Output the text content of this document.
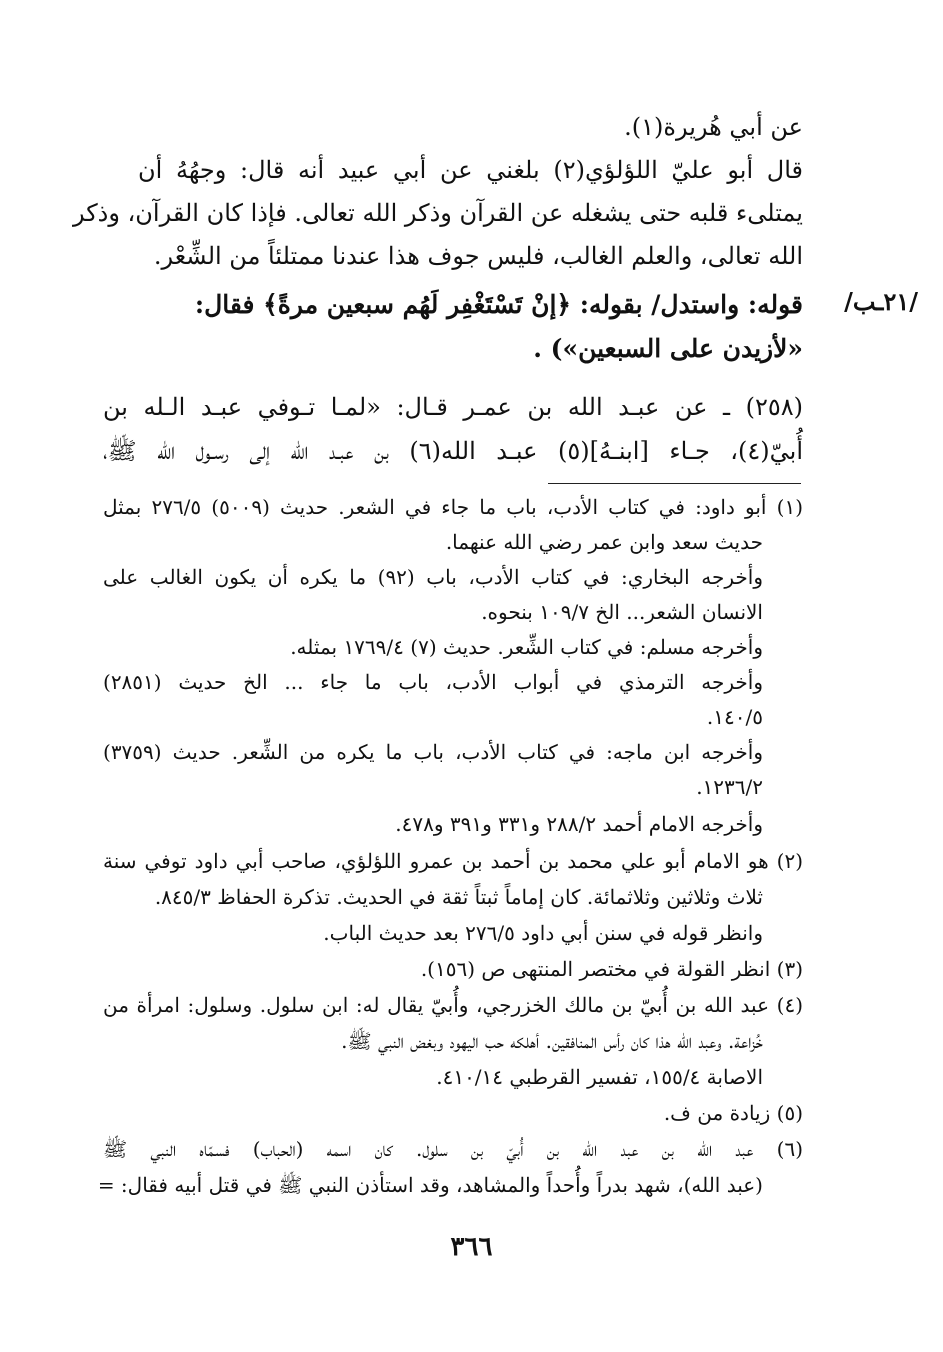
عن أبي هُريرة(١).
قال أبو عليّ اللؤلؤي(٢) بلغني عن أبي عبيد أنه قال: وجهُهُ أن
يمتلىء قلبه حتى يشغله عن القرآن وذكر الله تعالى. فإذا كان القرآن، وذكر
الله تعالى، والعلم الغالب، فليس جوف هذا عندنا ممتلئاً من الشِّعْر.
/٢١ـب/
قوله: واستدل/ بقوله: ﴿إنْ تَسْتَغْفِر لَهُم سبعين مرةً﴾ فقال:
«لأزيدن على السبعين») .
(٢٥٨) ـ عن عبـد الله بن عمـر قـال: «لمـا تـوفي عبـد الـله بن
أُبيّ(٤)، جـاء [ابنـهُ](٥) عبـد الله(٦) بن عبـد الله إلى رسـول الله ﷺ،
(١) أبو داود: في كتاب الأدب، باب ما جاء في الشعر. حديث (٥٠٠٩) ٢٧٦/٥ بمثل
حديث سعد وابن عمر رضي الله عنهما.
وأخرجه البخاري: في كتاب الأدب، باب (٩٢) ما يكره أن يكون الغالب على
الانسان الشعر... الخ ١٠٩/٧ بنحوه.
وأخرجه مسلم: في كتاب الشِّعر. حديث (٧) ١٧٦٩/٤ بمثله.
وأخرجه الترمذي في أبواب الأدب، باب ما جاء ... الخ حديث (٢٨٥١)
١٤٠/٥.
وأخرجه ابن ماجه: في كتاب الأدب، باب ما يكره من الشِّعر. حديث (٣٧٥٩)
١٢٣٦/٢.
وأخرجه الامام أحمد ٢٨٨/٢ و٣٣١ و٣٩١ و٤٧٨.
(٢) هو الامام أبو علي محمد بن أحمد بن عمرو اللؤلؤي، صاحب أبي داود توفي سنة
ثلاث وثلاثين وثلاثمائة. كان إماماً ثبتاً ثقة في الحديث. تذكرة الحفاظ ٨٤٥/٣.
وانظر قوله في سنن أبي داود ٢٧٦/٥ بعد حديث الباب.
(٣) انظر القولة في مختصر المنتهى ص (١٥٦).
(٤) عبد الله بن أُبيّ بن مالك الخزرجي، وأُبيّ يقال له: ابن سلول. وسلول: امرأة من
خُزاعة. وعبد الله هذا كان رأس المنافقين. أهلكه حب اليهود وبغض النبي ﷺ.
الاصابة ١٥٥/٤، تفسير القرطبي ٤١٠/١٤.
(٥) زيادة من ف.
(٦) عبد الله بن عبد الله بن أُبيّ بن سلول. كان اسمه (الحباب) فسمّاه النبي ﷺ
(عبد الله)، شهد بدراً وأُحداً والمشاهد، وقد استأذن النبي ﷺ في قتل أبيه فقال: =
٣٦٦
